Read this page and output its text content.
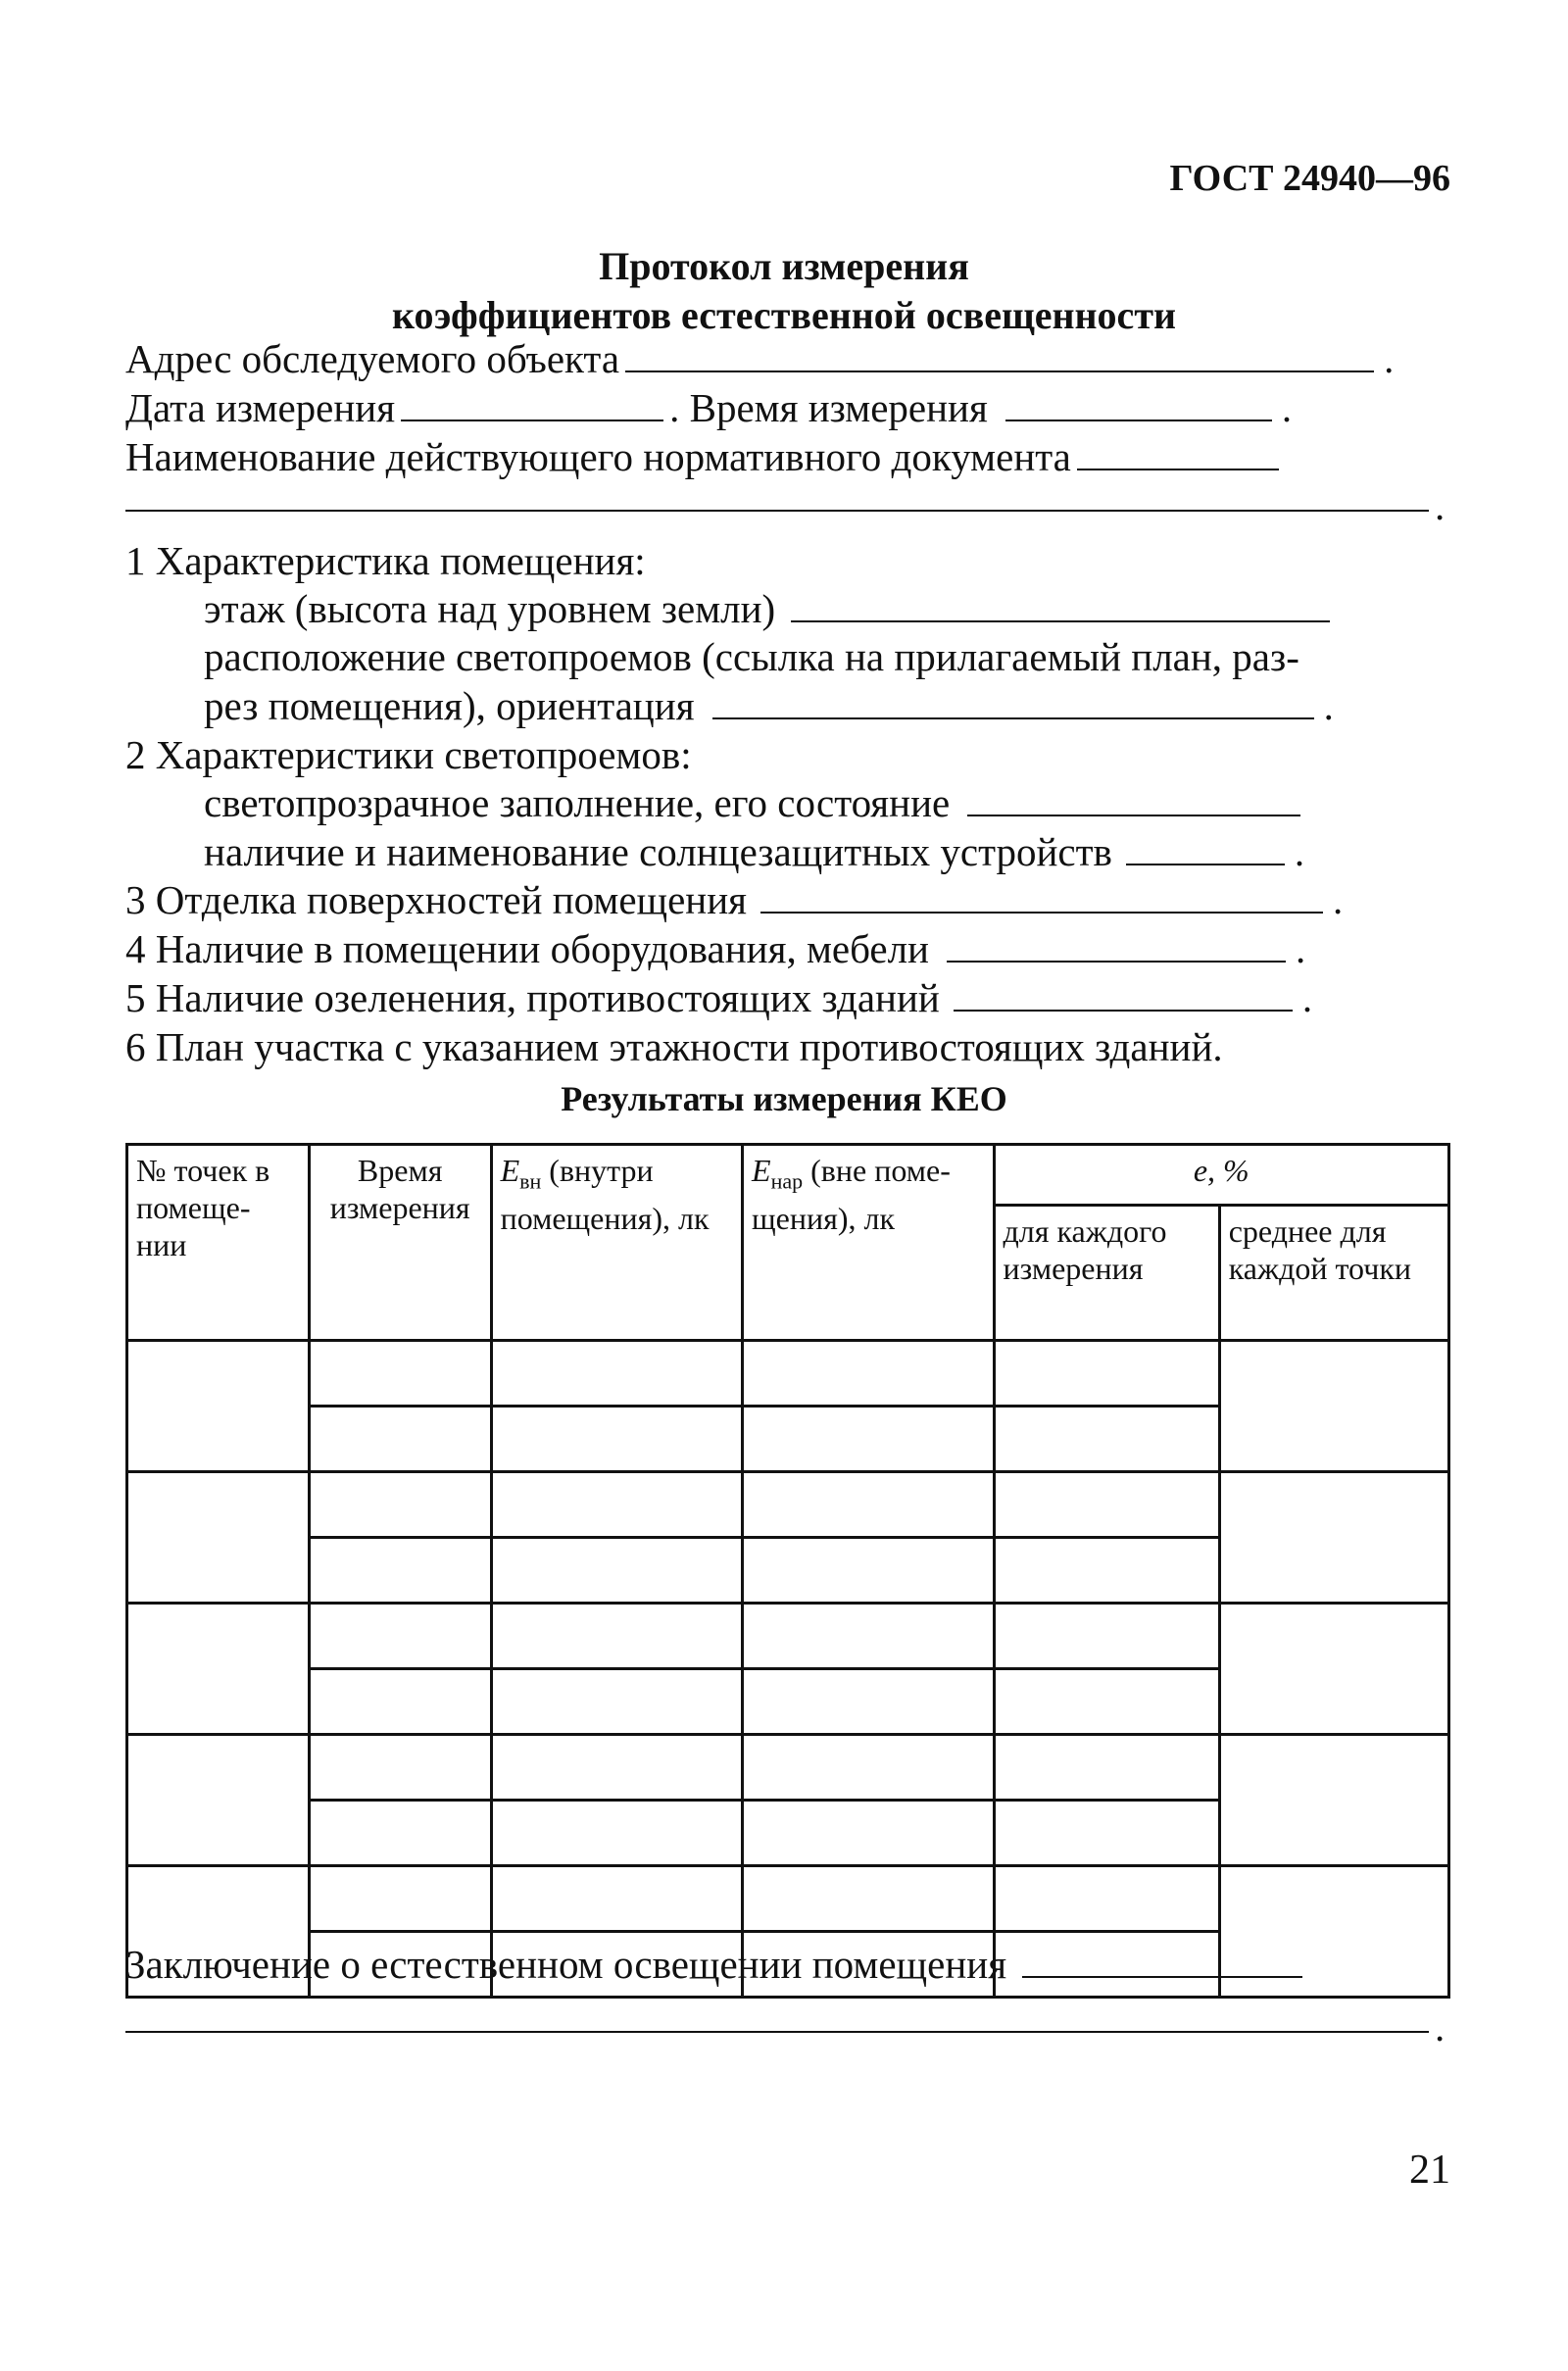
ГОСТ 24940—96
Протокол измерения
коэффициентов естественной освещенности
Адрес обследуемого объекта	.
Дата измерения	. Время измерения	.
Наименование действующего нормативного документа
.
1 Характеристика помещения:
этаж (высота над уровнем земли)
расположение светопроемов (ссылка на прилагаемый план, раз-
рез помещения), ориентация	.
2 Характеристики светопроемов:
светопрозрачное заполнение, его состояние
наличие и наименование солнцезащитных устройств	.
3 Отделка поверхностей помещения	.
4 Наличие в помещении оборудования, мебели	.
5 Наличие озеленения, противостоящих зданий	.
6 План участка с указанием этажности противостоящих зданий.
Результаты измерения КЕО
№ точек в помеще-нии	Время измерения	$E_{вн}$ (внутри помещения), лк	$E_{нар}$ (вне поме-щения), лк	e, %	
				для каждого измерения	среднее для каждой точки

Заключение о естественном освещении помещения
.
21
